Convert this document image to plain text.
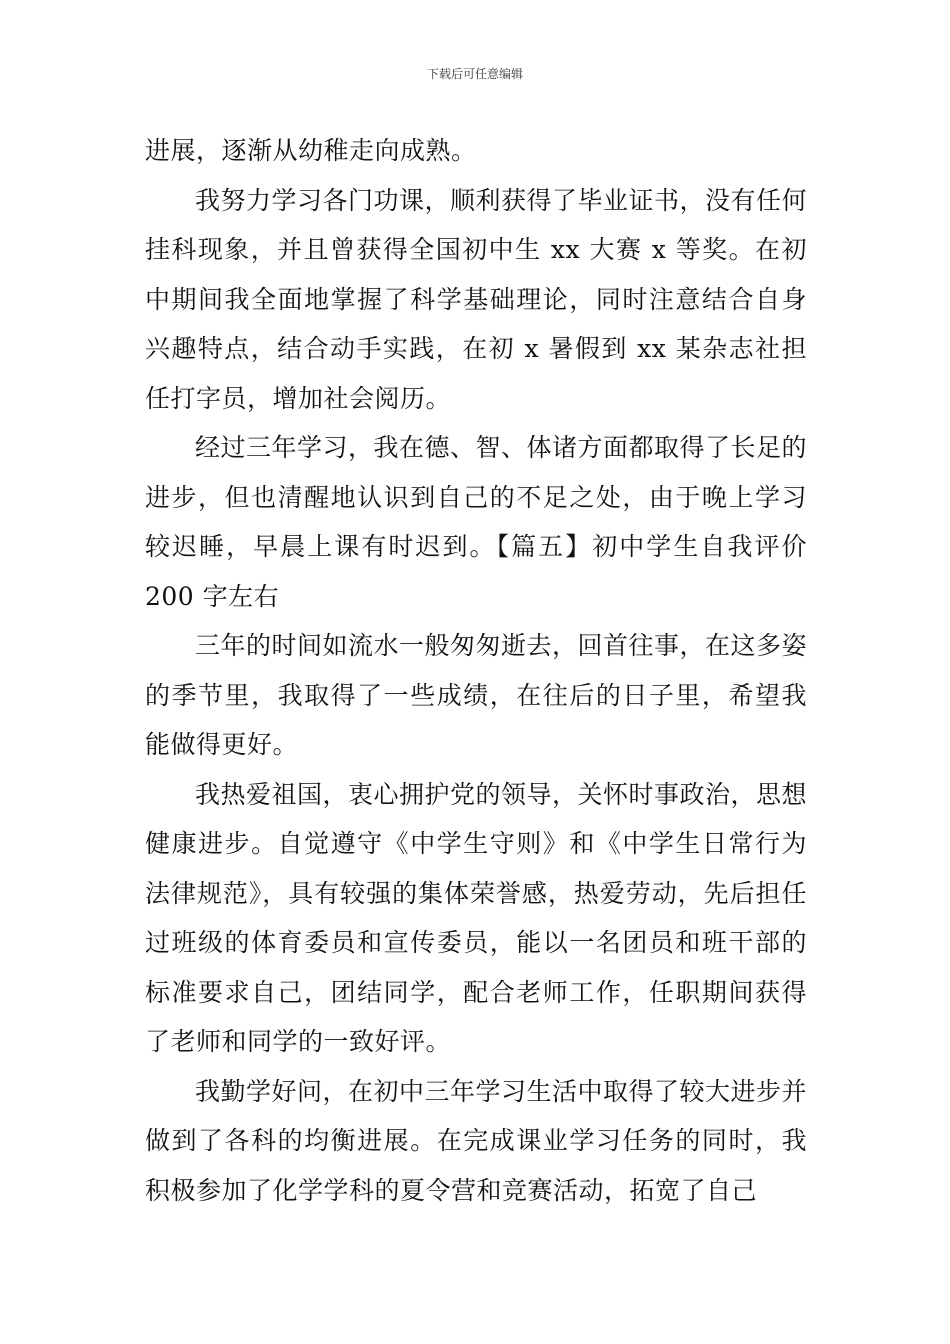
下载后可任意编辑

进展，逐渐从幼稚走向成熟。

我努力学习各门功课，顺利获得了毕业证书，没有任何挂科现象，并且曾获得全国初中生 xx 大赛 x 等奖。在初中期间我全面地掌握了科学基础理论，同时注意结合自身兴趣特点，结合动手实践，在初 x 暑假到 xx 某杂志社担任打字员，增加社会阅历。

经过三年学习，我在德、智、体诸方面都取得了长足的进步，但也清醒地认识到自己的不足之处，由于晚上学习较迟睡，早晨上课有时迟到。【篇五】初中学生自我评价 200 字左右

三年的时间如流水一般匆匆逝去，回首往事，在这多姿的季节里，我取得了一些成绩，在往后的日子里，希望我能做得更好。

我热爱祖国，衷心拥护党的领导，关怀时事政治，思想健康进步。自觉遵守《中学生守则》和《中学生日常行为法律规范》，具有较强的集体荣誉感，热爱劳动，先后担任过班级的体育委员和宣传委员，能以一名团员和班干部的标准要求自己，团结同学，配合老师工作，任职期间获得了老师和同学的一致好评。

我勤学好问，在初中三年学习生活中取得了较大进步并做到了各科的均衡进展。在完成课业学习任务的同时，我积极参加了化学学科的夏令营和竞赛活动，拓宽了自己
